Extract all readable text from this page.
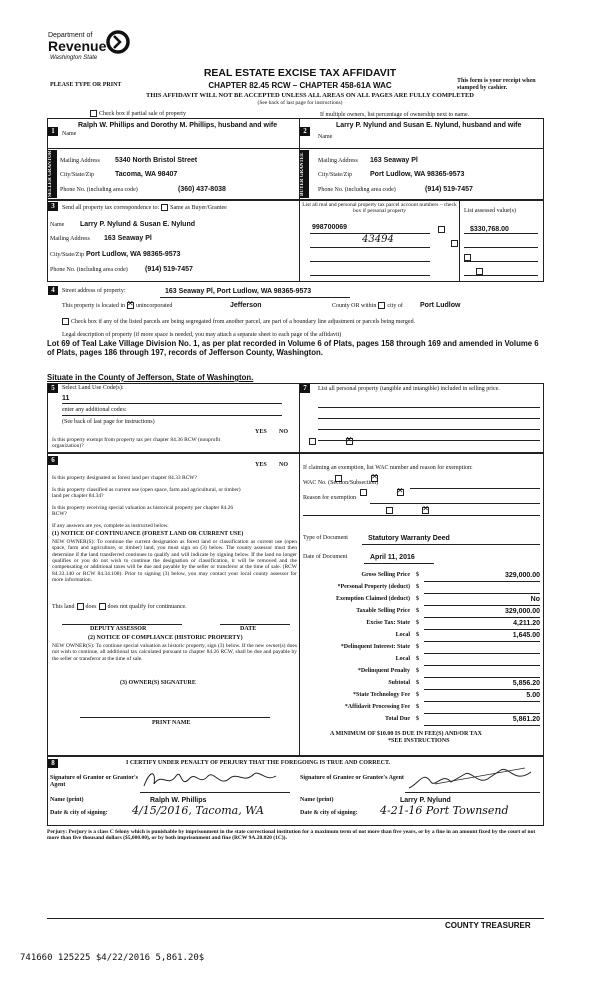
Department of
Revenue
Washington State
PLEASE TYPE OR PRINT
REAL ESTATE EXCISE TAX AFFIDAVIT
CHAPTER 82.45 RCW – CHAPTER 458-61A WAC	This form is your receipt when stamped by cashier.
THIS AFFIDAVIT WILL NOT BE ACCEPTED UNLESS ALL AREAS ON ALL PAGES ARE FULLY COMPLETED
(See back of last page for instructions)
Check box if partial sale of property	If multiple owners, list percentage of ownership next to name.
1	Name
Ralph W. Phillips and Dorothy M. Phillips, husband and wife
2
Name
Larry P. Nylund and Susan E. Nylund, husband and wife
SELLER GRANTOR	Mailing Address 5340 North Bristol Street
City/State/Zip	Tacoma, WA 98407
Phone No. (including area code)	(360) 437-8038	BUYER GRANTEE	Mailing Address 163 Seaway Pl
City/State/Zip	Port Ludlow, WA 98365-9573
Phone No. (including area code)	(914) 519-7457
3	Send all property tax correspondence to: Same as Buyer/Grantee
Name Larry P. Nylund & Susan E. Nylund
Mailing Address 163 Seaway Pl
City/State/Zip Port Ludlow, WA 98365-9573
Phone No. (including area code) (914) 519-7457
List all real and personal property tax parcel account numbers – check box if personal property
998700069
43494

List assessed value(s)
$330,768.00
4	Street address of property:	163 Seaway Pl, Port Ludlow, WA 98365-9573
This property is located in✕ unincorporated	Jefferson	County OR within city of Port Ludlow
Check box if any of the listed parcels are being segregated from another parcel, are part of a boundary line adjustment or parcels being merged.
Legal description of property (if more space is needed, you may attach a separate sheet to each page of the affidavit)
Lot 69 of Teal Lake Village Division No. 1, as per plat recorded in Volume 6 of Plats, pages 158 through 169 and amended in Volume 6 of Plats, pages 186 through 197, records of Jefferson County, Washington.
Situate in the County of Jefferson, State of Washington.
5	Select Land Use Code(s):
11
enter any additional codes:
(See back of last page for instructions)
YES NO
Is this property exempt from property tax per chapter 84.36 RCW (nonprofit organization)?
✕
7	List all personal property (tangible and intangible) included in selling price.
6
YES NO
Is this property designated as forest land per chapter 84.33 RCW?
✕
Is this property classified as current use (open space, farm and agricultural, or timber) land per chapter 84.34?
✕
Is this property receiving special valuation as historical property per chapter 84.26 RCW?
✕
If any answers are yes, complete as instructed below.
(1) NOTICE OF CONTINUANCE (FOREST LAND OR CURRENT USE)
NEW OWNER(S): To continue the current designation as forest land or classification as current use (open space, farm and agriculture, or timber) land, you must sign on (3) below. The county assessor must then determine if the land transferred continues to qualify and will indicate by signing below. If the land no longer qualifies or you do not wish to continue the designation or classification, it will be removed and the compensating or additional taxes will be due and payable by the seller or transferor at the time of sale. (RCW 84.33.140 or RCW 84.34.108). Prior to signing (3) below, you may contact your local county assessor for more information.
This land does does not qualify for continuance.
DEPUTY ASSESSOR	DATE
(2) NOTICE OF COMPLIANCE (HISTORIC PROPERTY)
NEW OWNER(S): To continue special valuation as historic property, sign (3) below. If the new owner(s) does not wish to continue, all additional tax calculated pursuant to chapter 84.26 RCW, shall be due and payable by the seller or transferor at the time of sale.
(3) OWNER(S) SIGNATURE
PRINT NAME
If claiming an exemption, list WAC number and reason for exemption:
WAC No. (Section/Subsection)
Reason for exemption
Type of Document	Statutory Warranty Deed
Date of Document	April 11, 2016
Gross Selling Price $	329,000.00
*Personal Property (deduct) $
Exemption Claimed (deduct) $	No
Taxable Selling Price $	329,000.00
Excise Tax: State $	4,211.20
Local $	1,645.00
*Delinquent Interest: State $
Local $
*Delinquent Penalty $
Subtotal $	5,856.20
*State Technology Fee $	5.00
*Affidavit Processing Fee $
Total Due $	5,861.20
A MINIMUM OF $10.00 IS DUE IN FEE(S) AND/OR TAX
*SEE INSTRUCTIONS
8	I CERTIFY UNDER PENALTY OF PERJURY THAT THE FOREGOING IS TRUE AND CORRECT.
Signature of Grantor or Grantor's Agent
Name (print)	Ralph W. Phillips
Date & city of signing: 4/15/2016, Tacoma, WA
Signature of Grantee or Grantee's Agent
Name (print)	Larry P. Nylund
Date & city of signing: 4-21-16 Port Townsend
Perjury: Perjury is a class C felony which is punishable by imprisonment in the state correctional institution for a maximum term of not more than five years, or by a fine in an amount fixed by the court of not more than five thousand dollars ($5,000.00), or by both imprisonment and fine (RCW 9A.20.020 (1C)).
COUNTY TREASURER
741660 125225 $4/22/2016 5,861.20$
